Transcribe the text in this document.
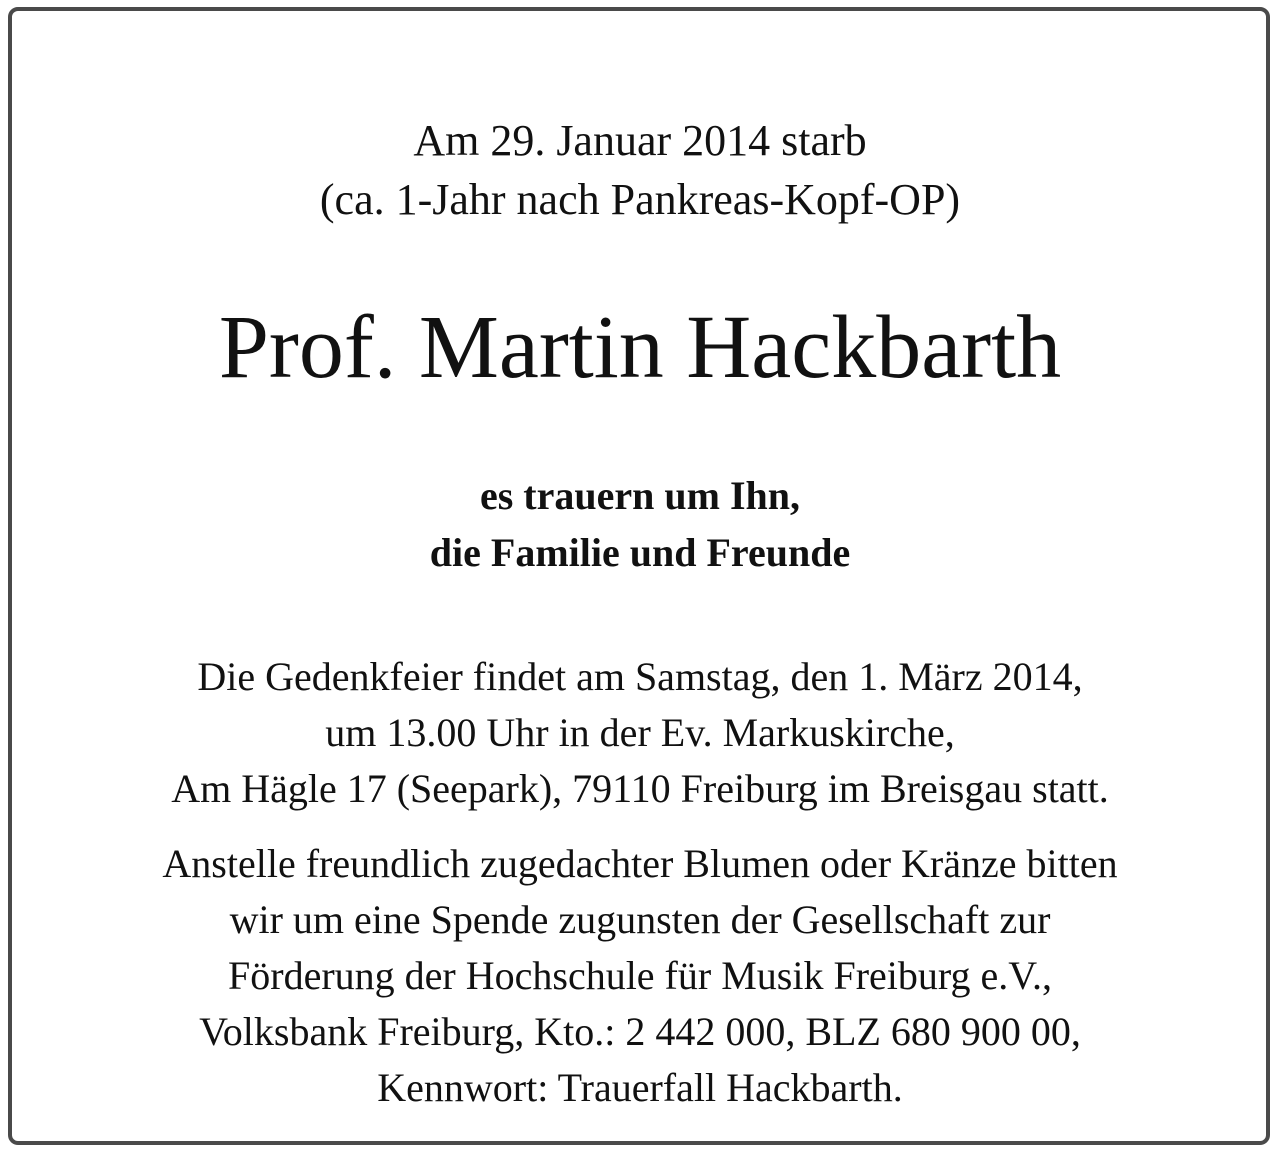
Am 29. Januar 2014 starb
(ca. 1-Jahr nach Pankreas-Kopf-OP)
Prof. Martin Hackbarth
es trauern um Ihn,
die Familie und Freunde
Die Gedenkfeier findet am Samstag, den 1. März 2014,
um 13.00 Uhr in der Ev. Markuskirche,
Am Hägle 17 (Seepark), 79110 Freiburg im Breisgau statt.
Anstelle freundlich zugedachter Blumen oder Kränze bitten
wir um eine Spende zugunsten der Gesellschaft zur
Förderung der Hochschule für Musik Freiburg e.V.,
Volksbank Freiburg, Kto.: 2 442 000, BLZ 680 900 00,
Kennwort: Trauerfall Hackbarth.
